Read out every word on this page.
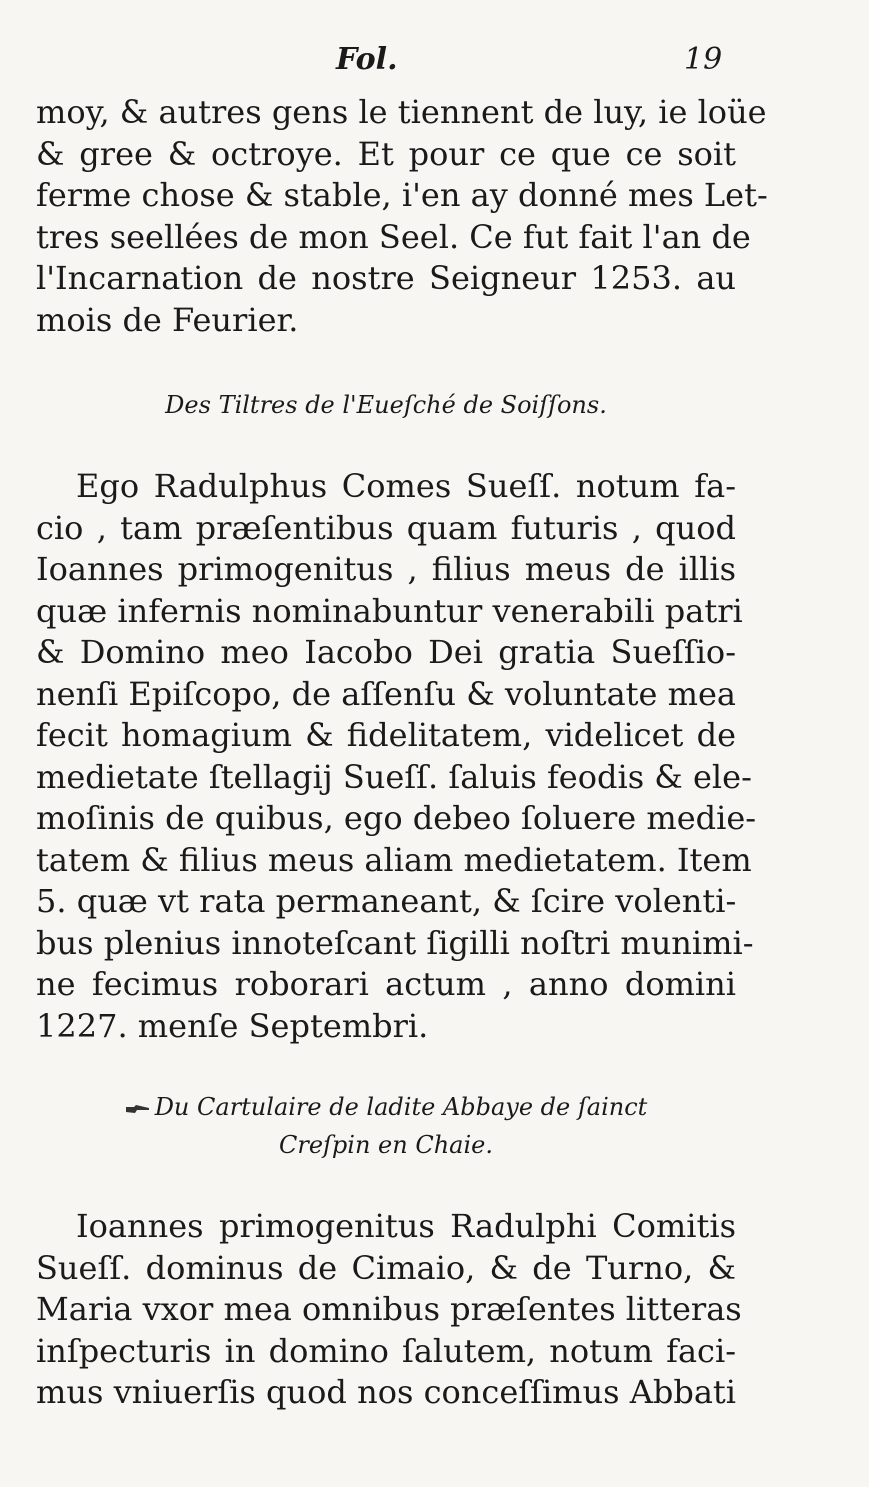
Fol.	19
moy, & autres gens le tiennent de luy, ie loüe
& gree & octroye. Et pour ce que ce soit
ferme chose & stable, i'en ay donné mes Let-
tres seellées de mon Seel. Ce fut fait l'an de
l'Incarnation de nostre Seigneur 1253. au
mois de Feurier.
Des Tiltres de l'Eueſché de Soiſſons.
Ego Radulphus Comes Sueſſ. notum fa-
cio , tam præſentibus quam futuris , quod
Ioannes primogenitus , filius meus de illis
quæ infernis nominabuntur venerabili patri
& Domino meo Iacobo Dei gratia Sueſſio-
nenſi Epiſcopo, de aſſenſu & voluntate mea
fecit homagium & fidelitatem, videlicet de
medietate ſtellagij Sueſſ. ſaluis feodis & ele-
moſinis de quibus, ego debeo ſoluere medie-
tatem & filius meus aliam medietatem. Item
5. quæ vt rata permaneant, & ſcire volenti-
bus plenius innoteſcant ſigilli noſtri munimi-
ne fecimus roborari actum , anno domini
1227. menſe Septembri.
Du Cartulaire de ladite Abbaye de ſainct
Creſpin en Chaie.
Ioannes primogenitus Radulphi Comitis
Sueſſ. dominus de Cimaio, & de Turno, &
Maria vxor mea omnibus præſentes litteras
inſpecturis in domino ſalutem, notum faci-
mus vniuerſis quod nos conceſſimus Abbati
